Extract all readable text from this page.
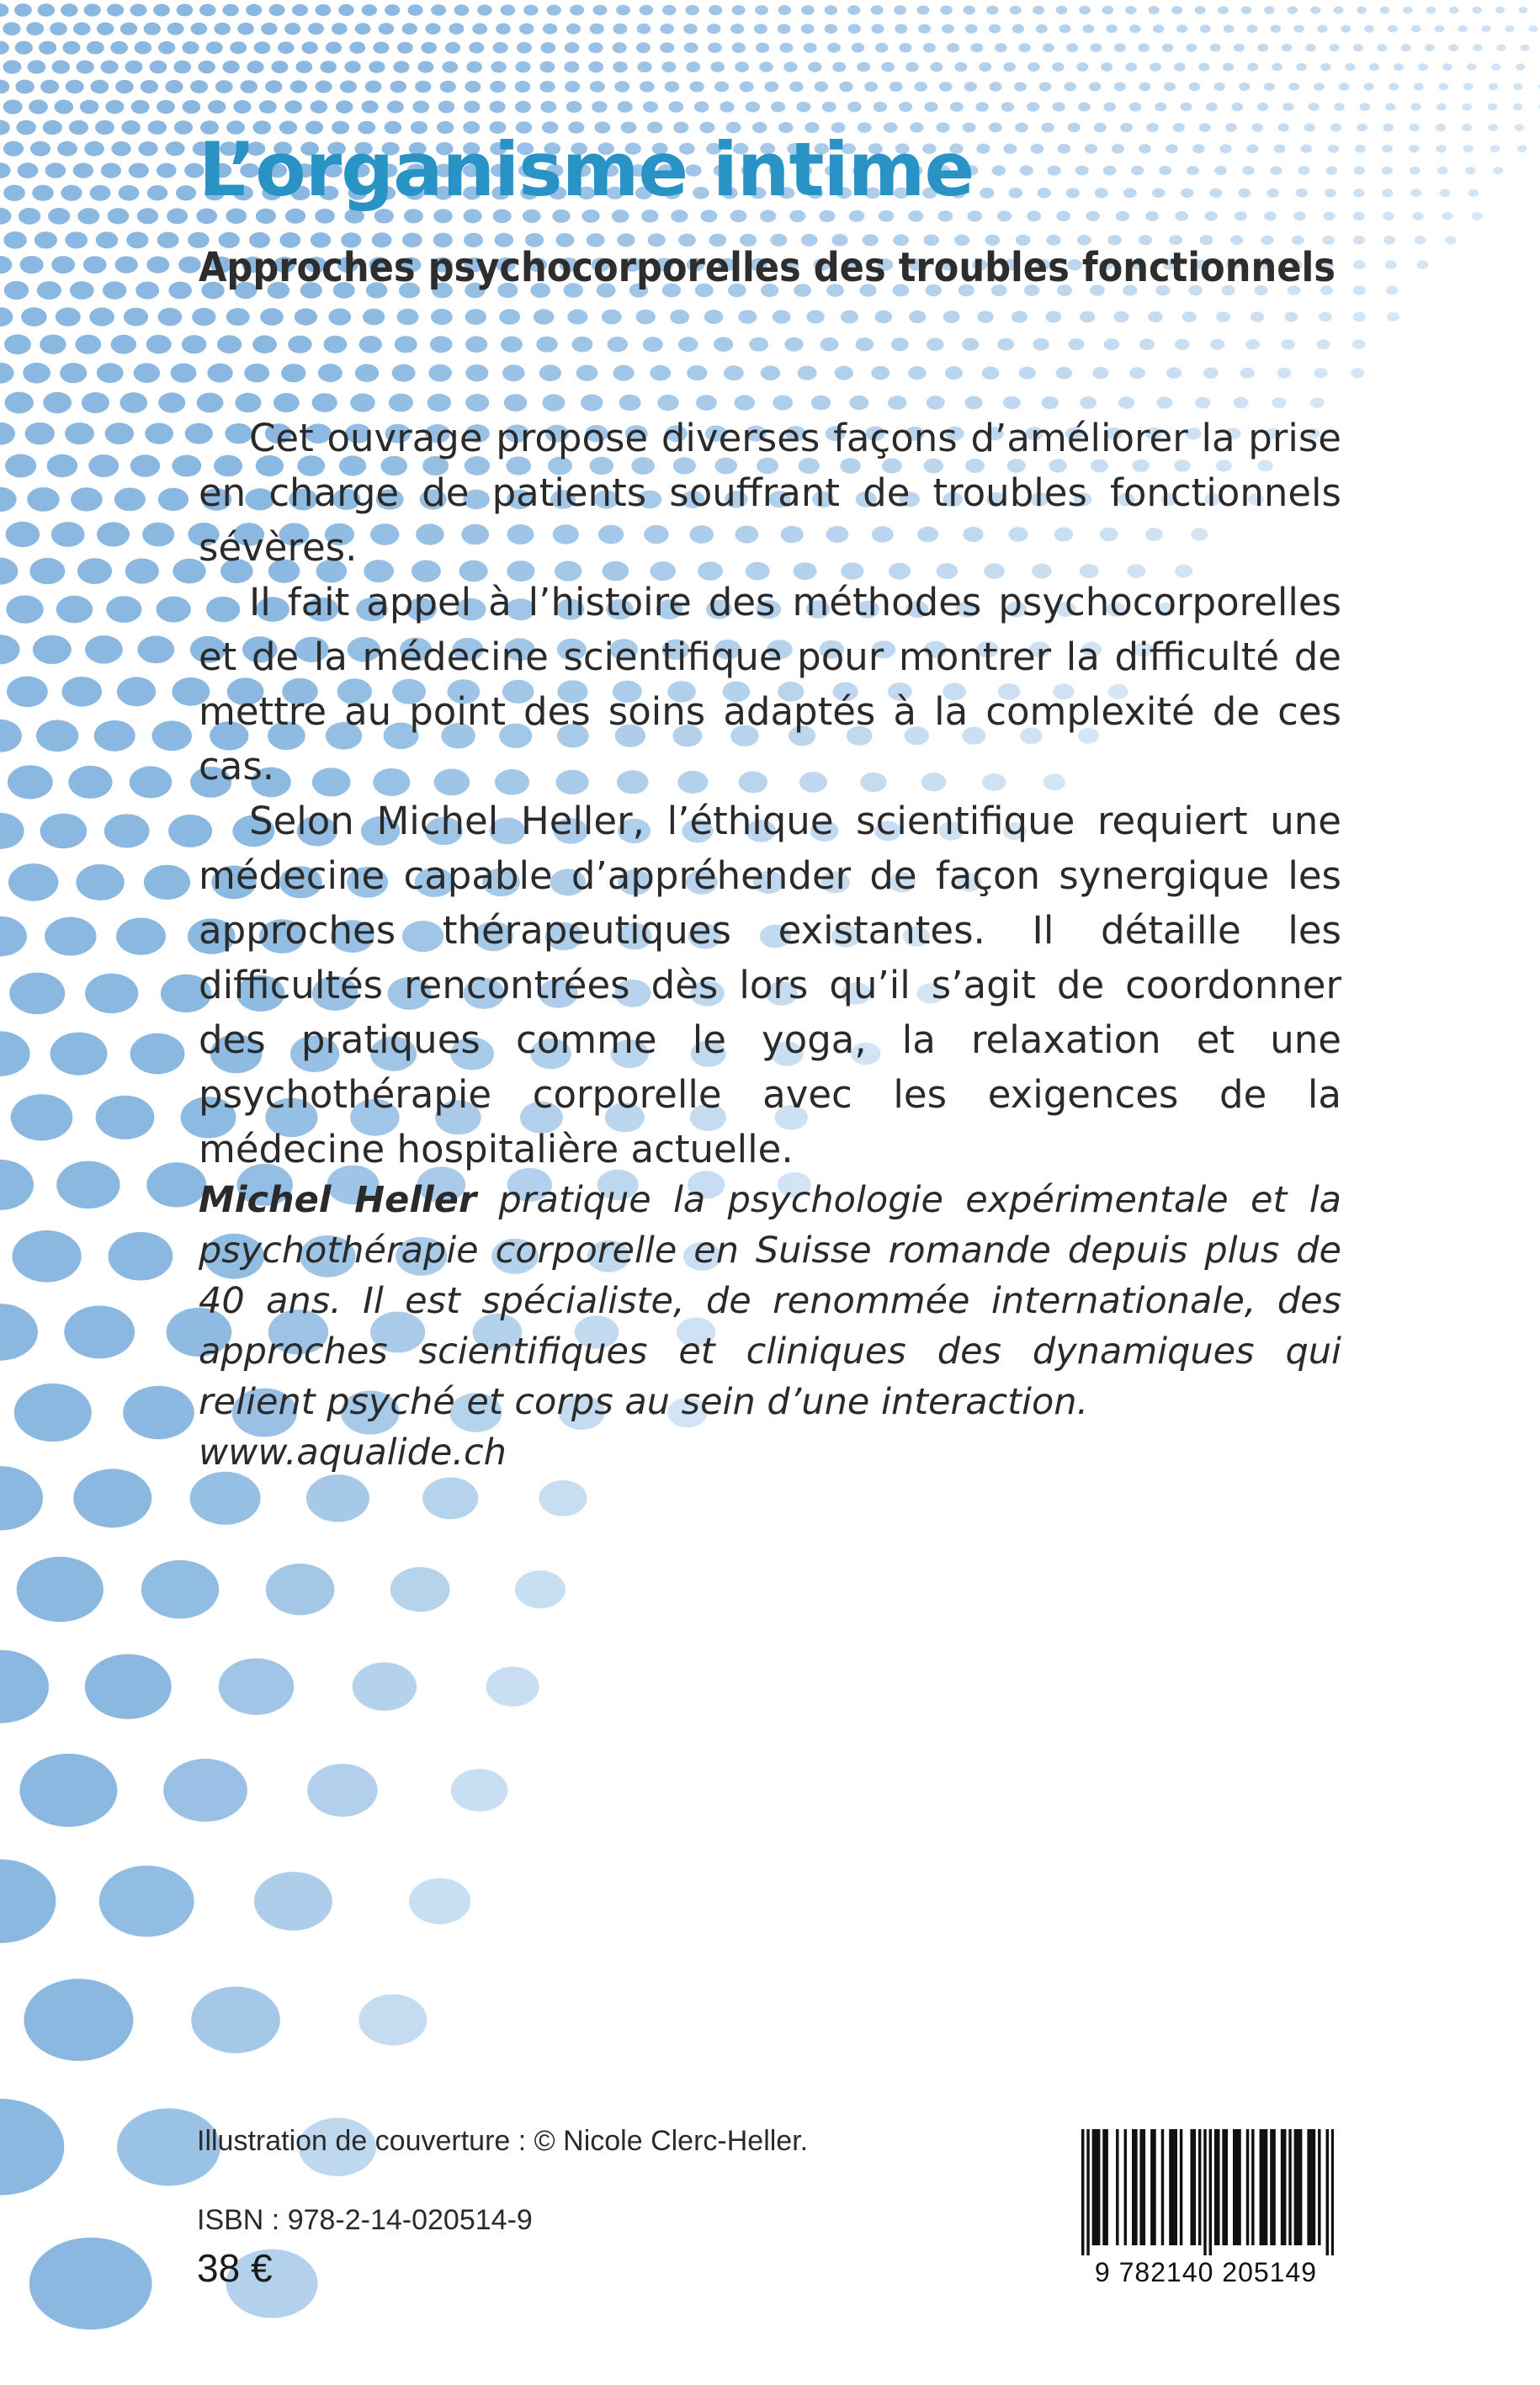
L’organisme intime
Approches psychocorporelles des troubles fonctionnels

Cet ouvrage propose diverses façons d’améliorer la prise en charge de patients souffrant de troubles fonctionnels sévères.

Il fait appel à l’histoire des méthodes psychocorporelles et de la médecine scientifique pour montrer la difficulté de mettre au point des soins adaptés à la complexité de ces cas.

Selon Michel Heller, l’éthique scientifique requiert une médecine capable d’appréhender de façon synergique les approches thérapeutiques existantes. Il détaille les difficultés rencontrées dès lors qu’il s’agit de coordonner des pratiques comme le yoga, la relaxation et une psychothérapie corporelle avec les exigences de la médecine hospitalière actuelle.

Michel Heller pratique la psychologie expérimentale et la psychothérapie corporelle en Suisse romande depuis plus de 40 ans. Il est spécialiste, de renommée internationale, des approches scientifiques et cliniques des dynamiques qui relient psyché et corps au sein d’une interaction.
www.aqualide.ch
Illustration de couverture : © Nicole Clerc-Heller.
ISBN : 978-2-14-020514-9
38 €	9 782140 205149
